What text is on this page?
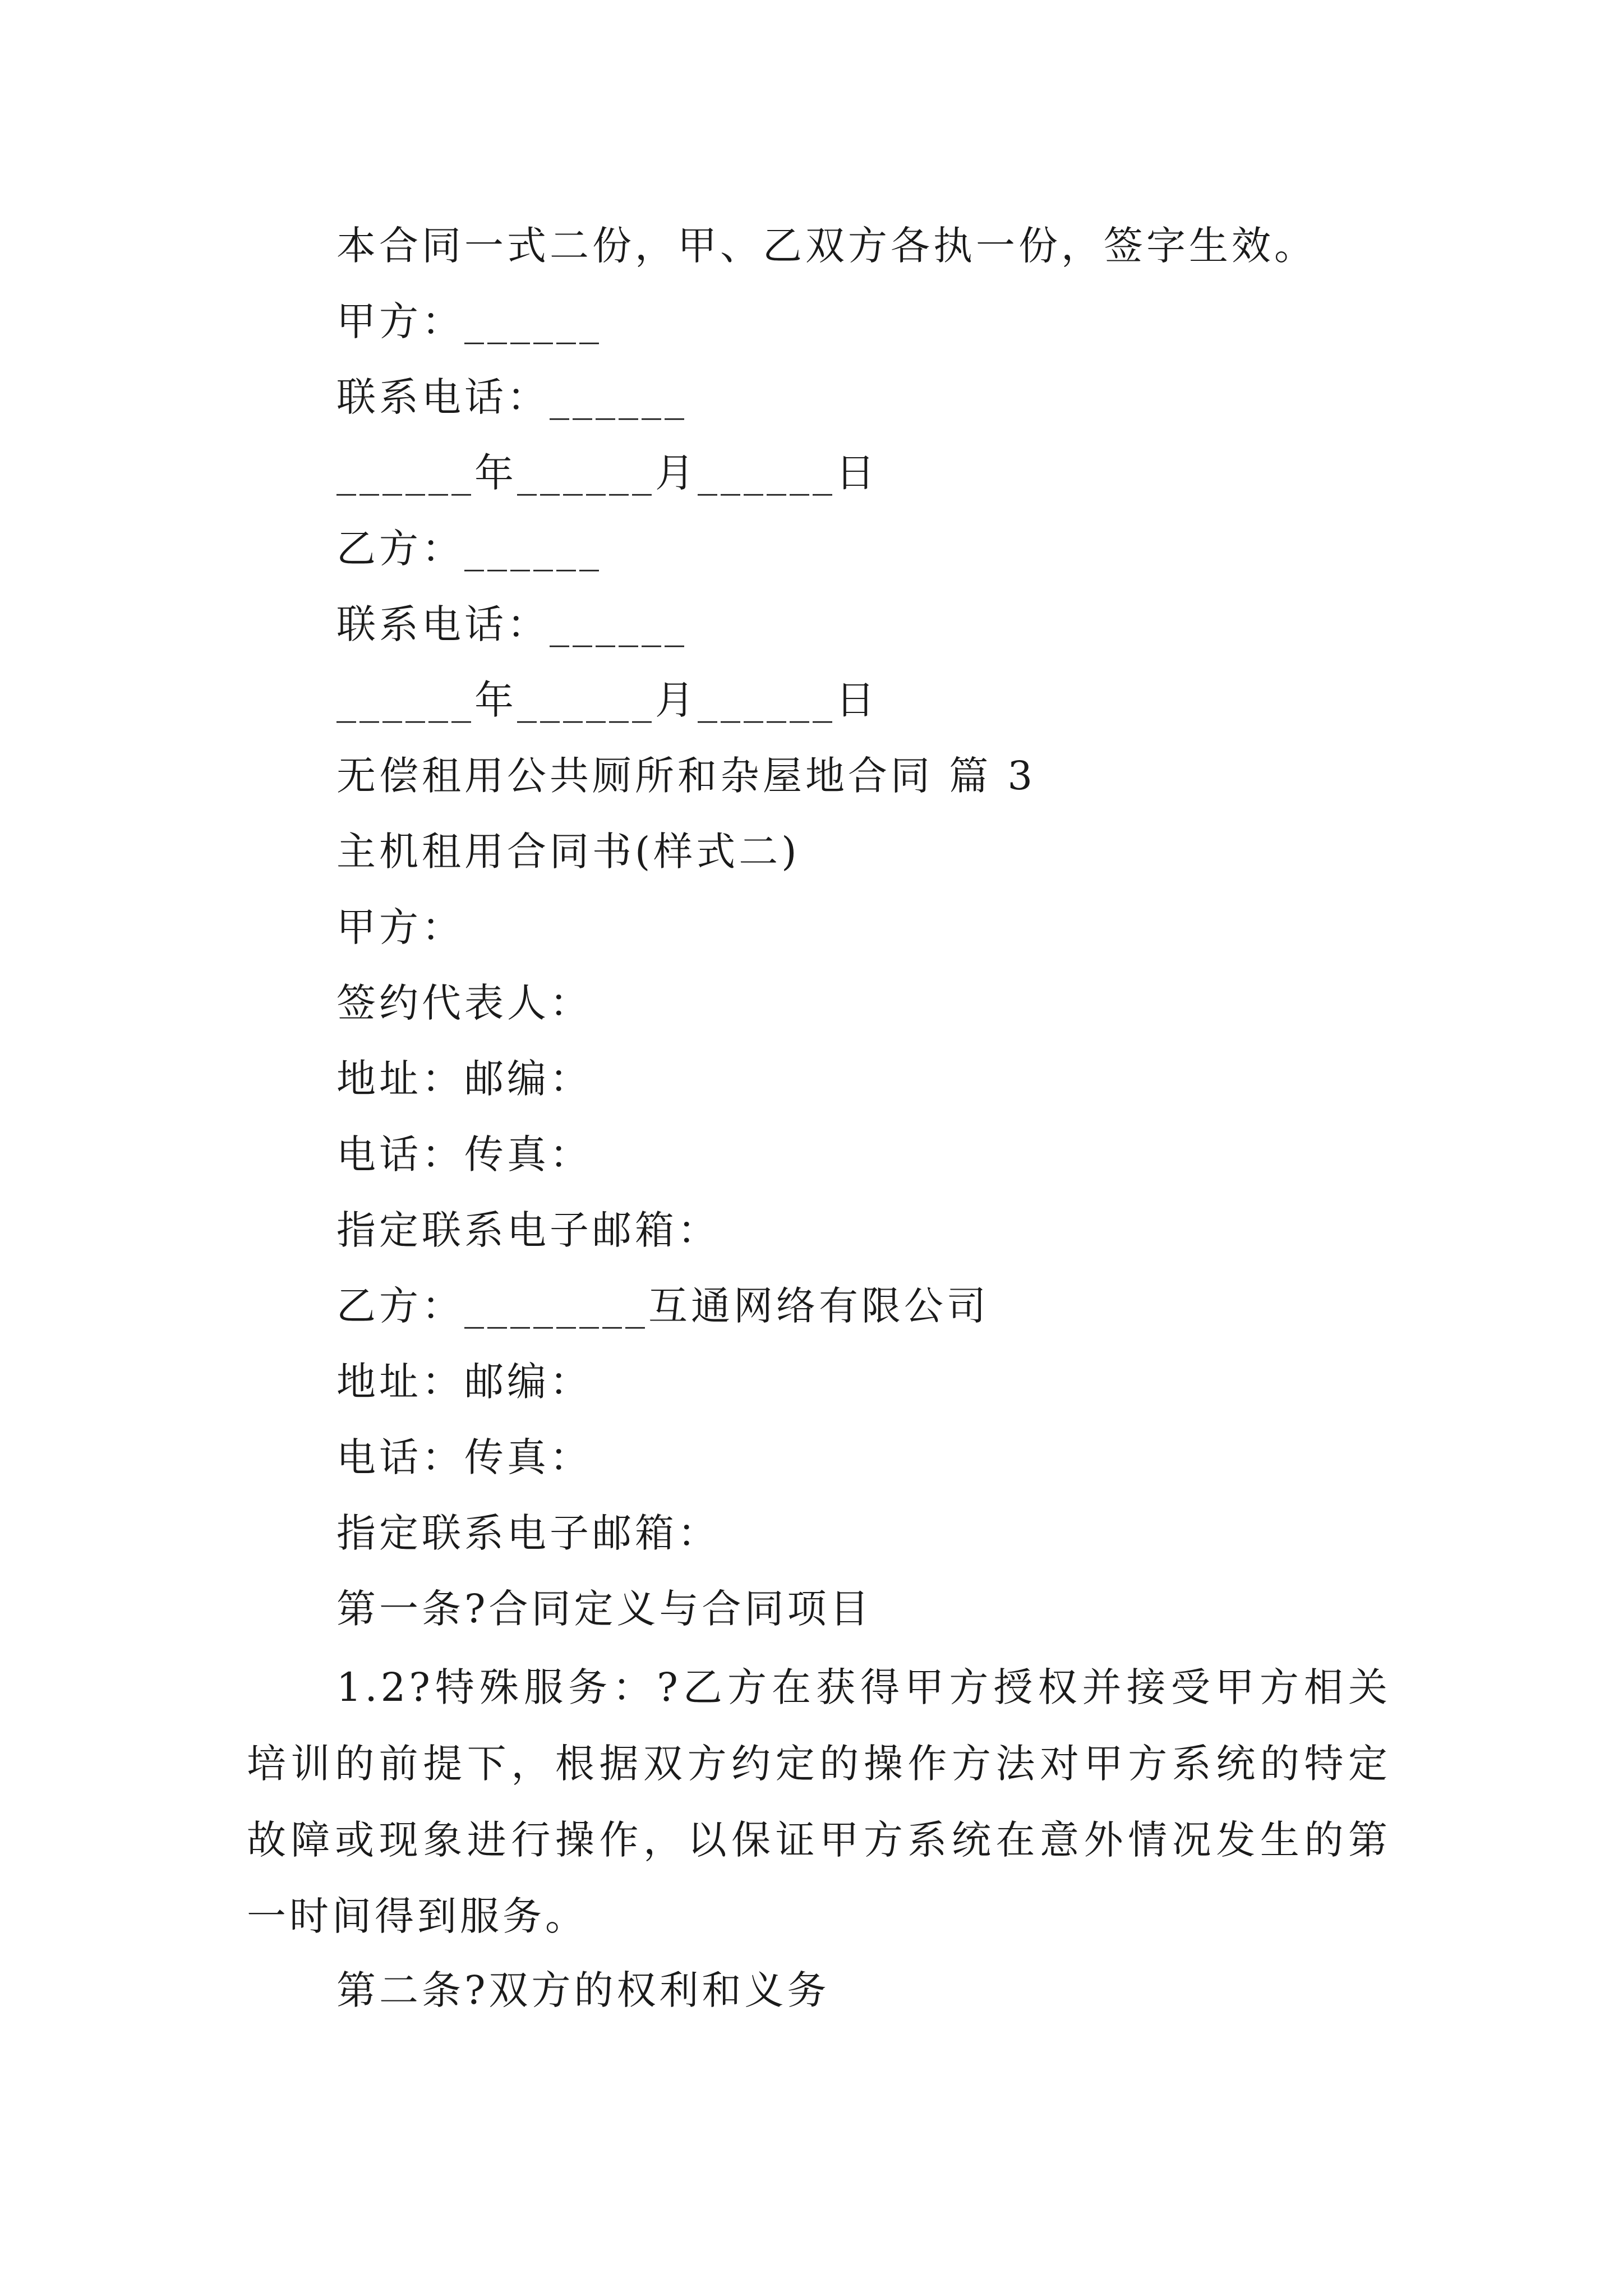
本合同一式二份，甲、乙双方各执一份，签字生效。
甲方：______
联系电话：______
______年______月______日
乙方：______
联系电话：______
______年______月______日
无偿租用公共厕所和杂屋地合同 篇 3
主机租用合同书(样式二)
甲方：
签约代表人：
地址：邮编：
电话：传真：
指定联系电子邮箱：
乙方：________互通网络有限公司
地址：邮编：
电话：传真：
指定联系电子邮箱：
第一条?合同定义与合同项目
1.2?特殊服务：?乙方在获得甲方授权并接受甲方相关培训的前提下，根据双方约定的操作方法对甲方系统的特定故障或现象进行操作，以保证甲方系统在意外情况发生的第一时间得到服务。
第二条?双方的权利和义务
